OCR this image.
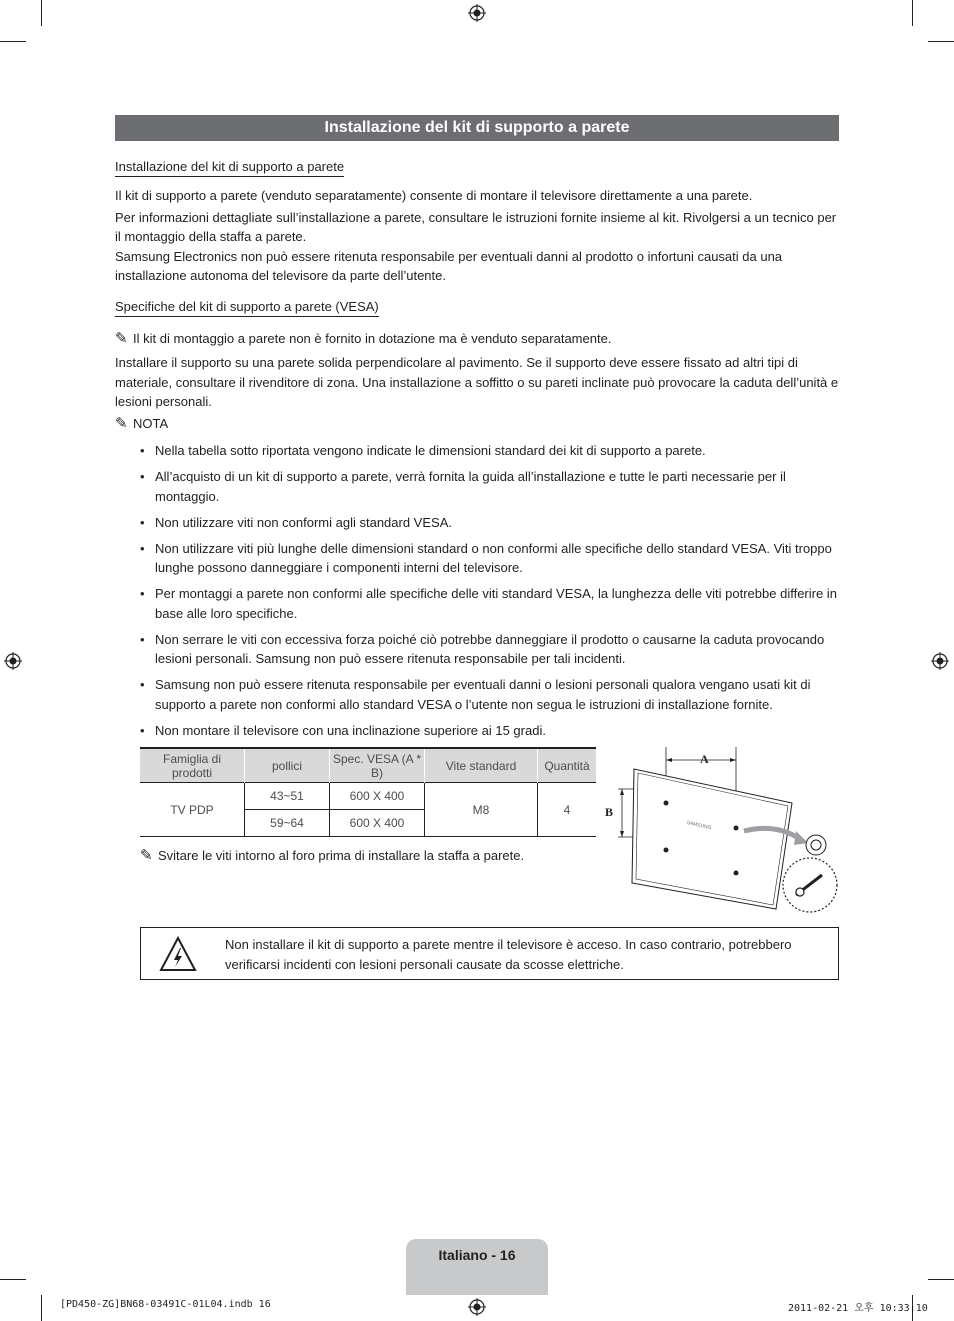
Installazione del kit di supporto a parete
Installazione del kit di supporto a parete

Il kit di supporto a parete (venduto separatamente) consente di montare il televisore direttamente a una parete.

Per informazioni dettagliate sull’installazione a parete, consultare le istruzioni fornite insieme al kit. Rivolgersi a un tecnico per il montaggio della staffa a parete.

Samsung Electronics non può essere ritenuta responsabile per eventuali danni al prodotto o infortuni causati da una installazione autonoma del televisore da parte dell’utente.

Specifiche del kit di supporto a parete (VESA)
✎ Il kit di montaggio a parete non è fornito in dotazione ma è venduto separatamente.
Installare il supporto su una parete solida perpendicolare al pavimento. Se il supporto deve essere fissato ad altri tipi di materiale, consultare il rivenditore di zona. Una installazione a soffitto o su pareti inclinate può provocare la caduta dell’unità e lesioni personali.
✎ NOTA
• Nella tabella sotto riportata vengono indicate le dimensioni standard dei kit di supporto a parete.
• All’acquisto di un kit di supporto a parete, verrà fornita la guida all’installazione e tutte le parti necessarie per il montaggio.
• Non utilizzare viti non conformi agli standard VESA.
• Non utilizzare viti più lunghe delle dimensioni standard o non conformi alle specifiche dello standard VESA. Viti troppo lunghe possono danneggiare i componenti interni del televisore.
• Per montaggi a parete non conformi alle specifiche delle viti standard VESA, la lunghezza delle viti potrebbe differire in base alle loro specifiche.
• Non serrare le viti con eccessiva forza poiché ciò potrebbe danneggiare il prodotto o causarne la caduta provocando lesioni personali. Samsung non può essere ritenuta responsabile per tali incidenti.
• Samsung non può essere ritenuta responsabile per eventuali danni o lesioni personali qualora vengano usati kit di supporto a parete non conformi allo standard VESA o l’utente non segua le istruzioni di installazione fornite.
• Non montare il televisore con una inclinazione superiore ai 15 gradi.
Famiglia di prodotti	pollici	Spec. VESA (A * B)	Vite standard	Quantità
TV PDP	43~51	600 X 400	M8	4
	59~64	600 X 400		
✎ Svitare le viti intorno al foro prima di installare la staffa a parete.
A
B
SAMSUNG
Non installare il kit di supporto a parete mentre il televisore è acceso. In caso contrario, potrebbero verificarsi incidenti con lesioni personali causate da scosse elettriche.
Italiano - 16
[PD450-ZG]BN68-03491C-01L04.indb 16	2011-02-21 오후 10:33:10
